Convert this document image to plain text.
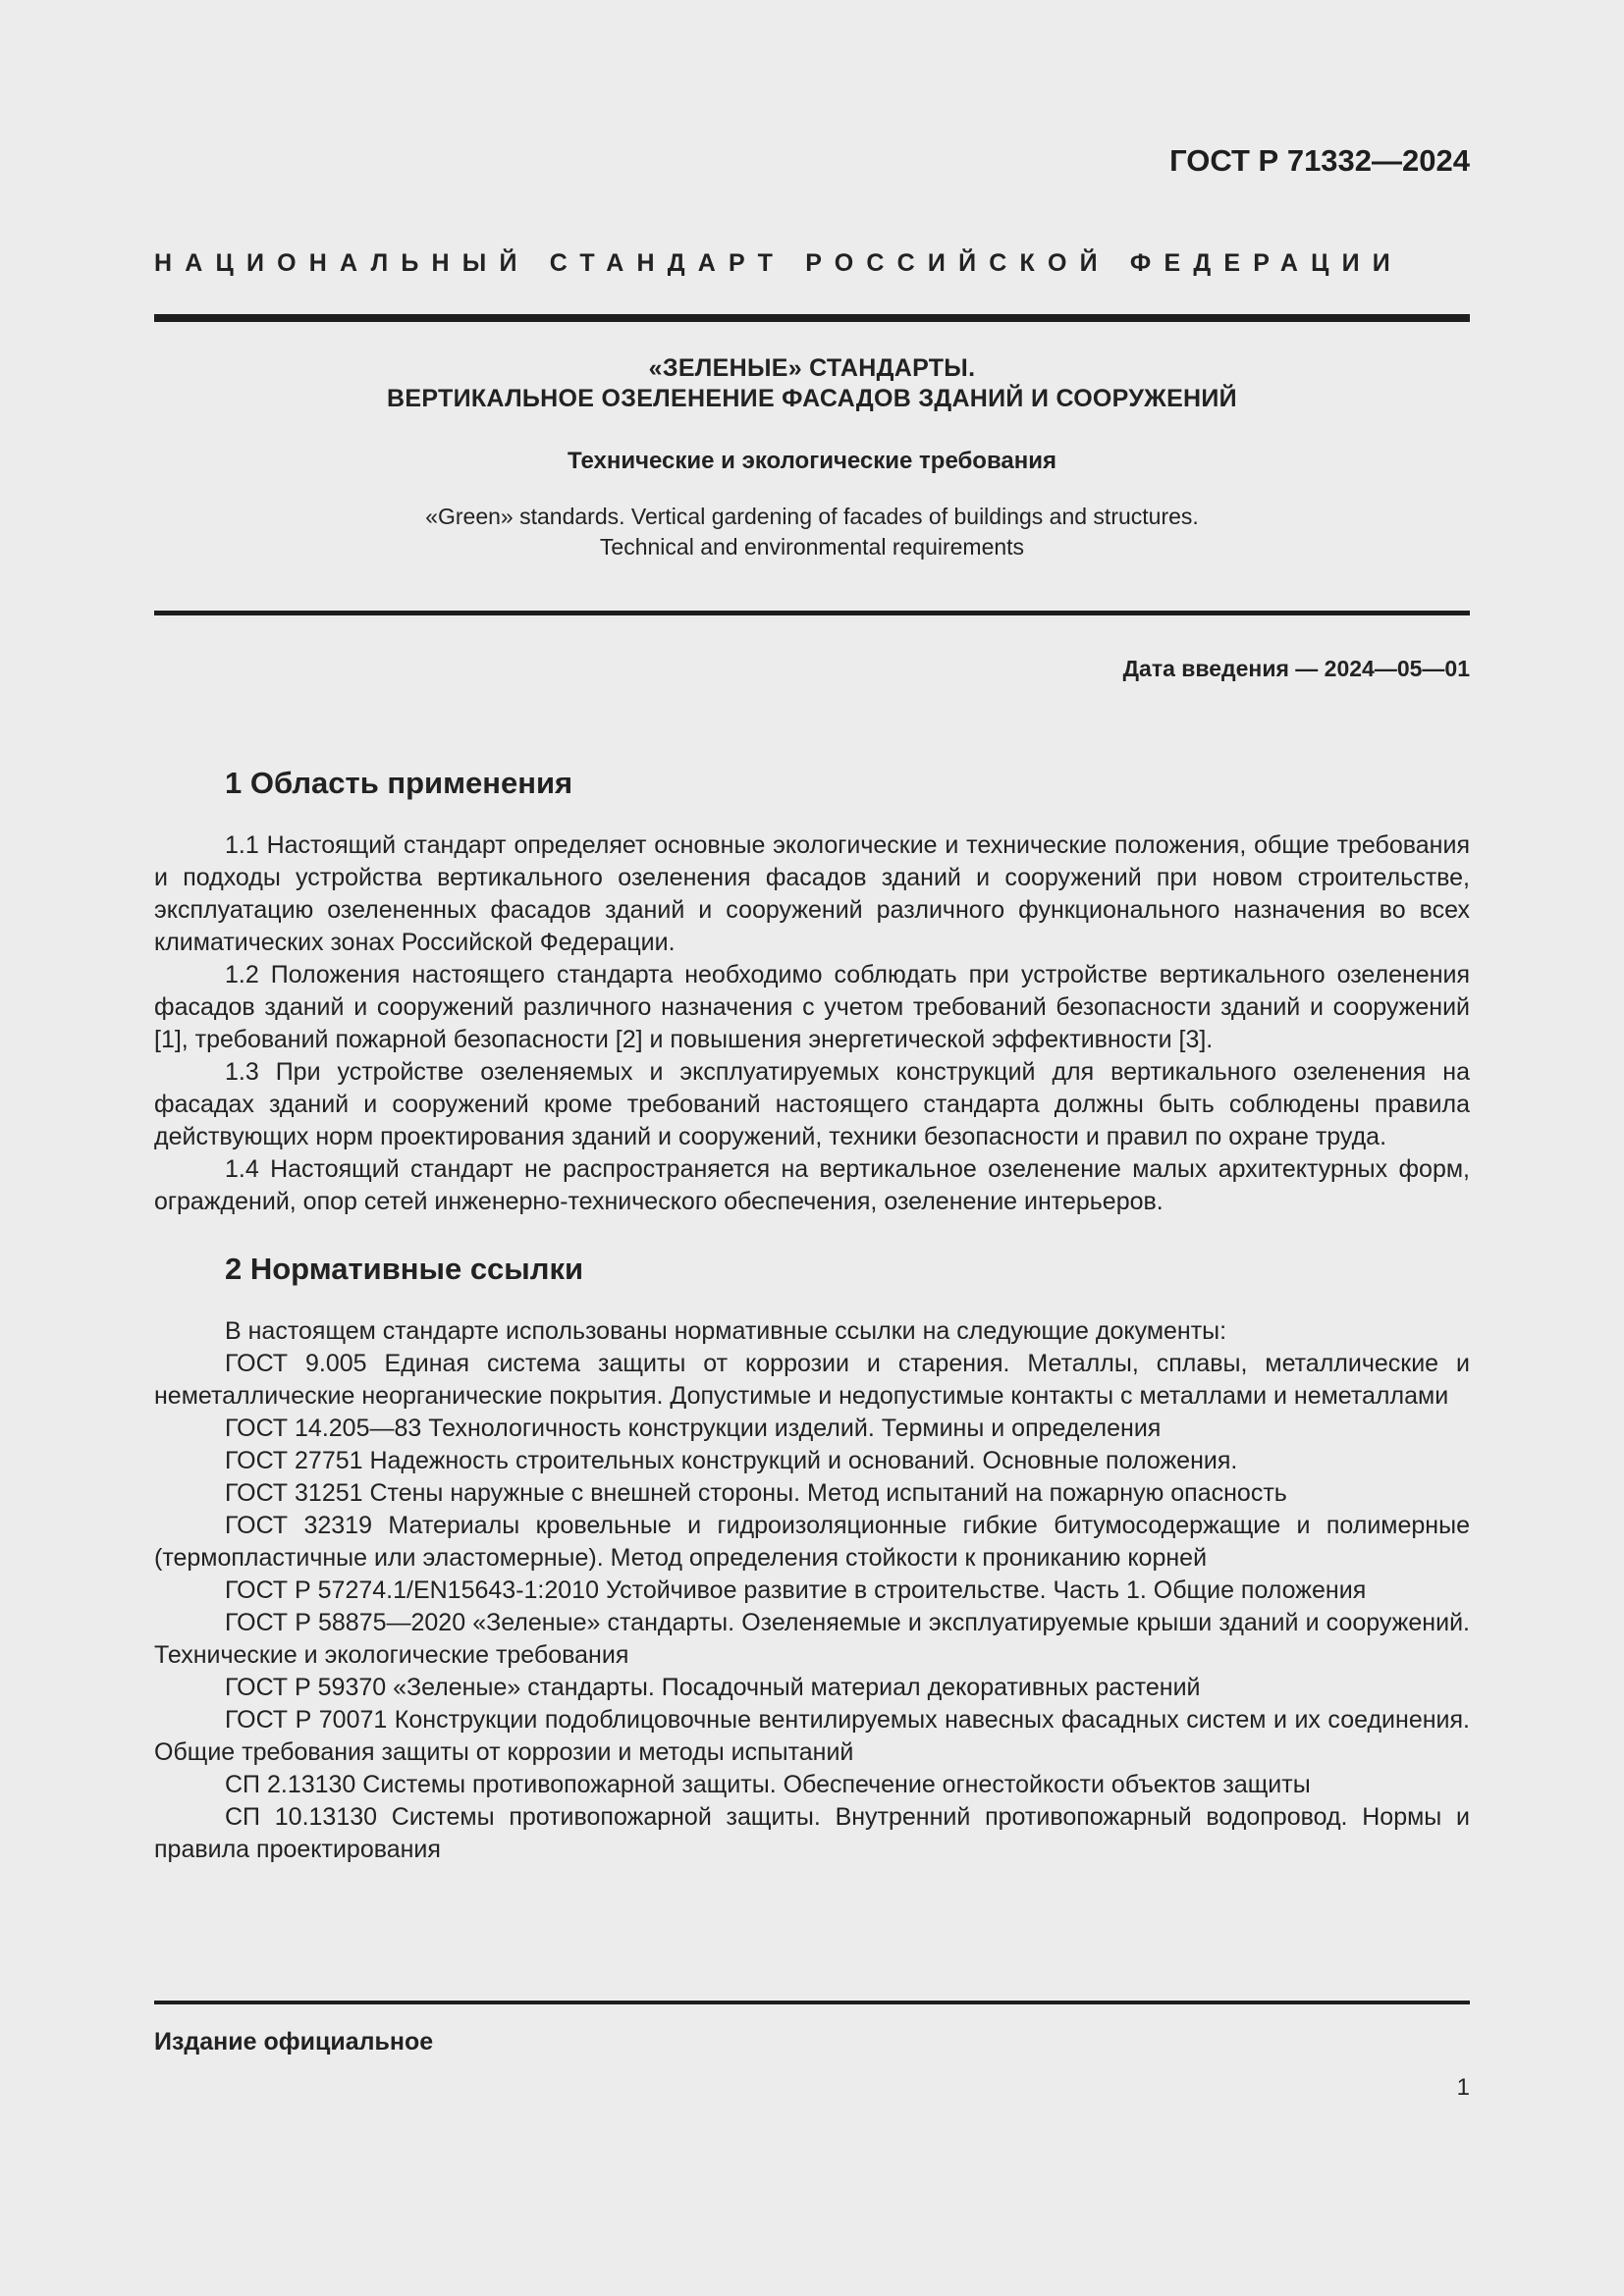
ГОСТ Р 71332—2024
НАЦИОНАЛЬНЫЙ СТАНДАРТ РОССИЙСКОЙ ФЕДЕРАЦИИ
«ЗЕЛЕНЫЕ» СТАНДАРТЫ.
ВЕРТИКАЛЬНОЕ ОЗЕЛЕНЕНИЕ ФАСАДОВ ЗДАНИЙ И СООРУЖЕНИЙ
Технические и экологические требования
«Green» standards. Vertical gardening of facades of buildings and structures.
Technical and environmental requirements
Дата введения — 2024—05—01
1 Область применения

1.1 Настоящий стандарт определяет основные экологические и технические положения, общие требования и подходы устройства вертикального озеленения фасадов зданий и сооружений при новом строительстве, эксплуатацию озелененных фасадов зданий и сооружений различного функционального назначения во всех климатических зонах Российской Федерации.

1.2 Положения настоящего стандарта необходимо соблюдать при устройстве вертикального озеленения фасадов зданий и сооружений различного назначения с учетом требований безопасности зданий и сооружений [1], требований пожарной безопасности [2] и повышения энергетической эффективности [3].

1.3 При устройстве озеленяемых и эксплуатируемых конструкций для вертикального озеленения на фасадах зданий и сооружений кроме требований настоящего стандарта должны быть соблюдены правила действующих норм проектирования зданий и сооружений, техники безопасности и правил по охране труда.

1.4 Настоящий стандарт не распространяется на вертикальное озеленение малых архитектурных форм, ограждений, опор сетей инженерно-технического обеспечения, озеленение интерьеров.

2 Нормативные ссылки

В настоящем стандарте использованы нормативные ссылки на следующие документы:

ГОСТ 9.005 Единая система защиты от коррозии и старения. Металлы, сплавы, металлические и неметаллические неорганические покрытия. Допустимые и недопустимые контакты с металлами и неметаллами

ГОСТ 14.205—83 Технологичность конструкции изделий. Термины и определения

ГОСТ 27751 Надежность строительных конструкций и оснований. Основные положения.

ГОСТ 31251 Стены наружные с внешней стороны. Метод испытаний на пожарную опасность

ГОСТ 32319 Материалы кровельные и гидроизоляционные гибкие битумосодержащие и полимерные (термопластичные или эластомерные). Метод определения стойкости к прониканию корней

ГОСТ Р 57274.1/EN15643-1:2010 Устойчивое развитие в строительстве. Часть 1. Общие положения

ГОСТ Р 58875—2020 «Зеленые» стандарты. Озеленяемые и эксплуатируемые крыши зданий и сооружений. Технические и экологические требования

ГОСТ Р 59370 «Зеленые» стандарты. Посадочный материал декоративных растений

ГОСТ Р 70071 Конструкции подоблицовочные вентилируемых навесных фасадных систем и их соединения. Общие требования защиты от коррозии и методы испытаний

СП 2.13130 Системы противопожарной защиты. Обеспечение огнестойкости объектов защиты

СП 10.13130 Системы противопожарной защиты. Внутренний противопожарный водопровод. Нормы и правила проектирования

Издание официальное
1
